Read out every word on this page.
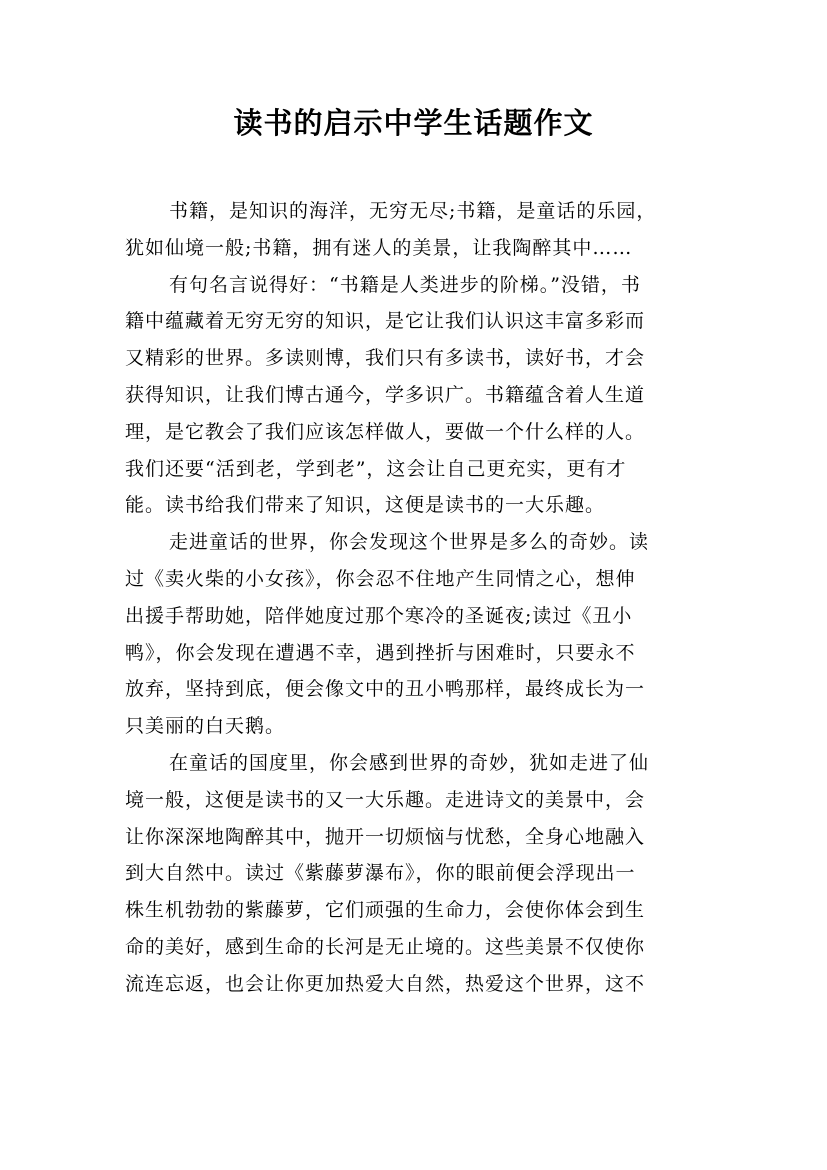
读书的启示中学生话题作文
书籍，是知识的海洋，无穷无尽;书籍，是童话的乐园，
犹如仙境一般;书籍，拥有迷人的美景，让我陶醉其中……
有句名言说得好：“书籍是人类进步的阶梯。”没错，书
籍中蕴藏着无穷无穷的知识，是它让我们认识这丰富多彩而
又精彩的世界。多读则博，我们只有多读书，读好书，才会
获得知识，让我们博古通今，学多识广。书籍蕴含着人生道
理，是它教会了我们应该怎样做人，要做一个什么样的人。
我们还要“活到老，学到老”，这会让自己更充实，更有才
能。读书给我们带来了知识，这便是读书的一大乐趣。
走进童话的世界，你会发现这个世界是多么的奇妙。读
过《卖火柴的小女孩》，你会忍不住地产生同情之心，想伸
出援手帮助她，陪伴她度过那个寒冷的圣诞夜;读过《丑小
鸭》，你会发现在遭遇不幸，遇到挫折与困难时，只要永不
放弃，坚持到底，便会像文中的丑小鸭那样，最终成长为一
只美丽的白天鹅。
在童话的国度里，你会感到世界的奇妙，犹如走进了仙
境一般，这便是读书的又一大乐趣。走进诗文的美景中，会
让你深深地陶醉其中，抛开一切烦恼与忧愁，全身心地融入
到大自然中。读过《紫藤萝瀑布》，你的眼前便会浮现出一
株生机勃勃的紫藤萝，它们顽强的生命力，会使你体会到生
命的美好，感到生命的长河是无止境的。这些美景不仅使你
流连忘返，也会让你更加热爱大自然，热爱这个世界，这不
